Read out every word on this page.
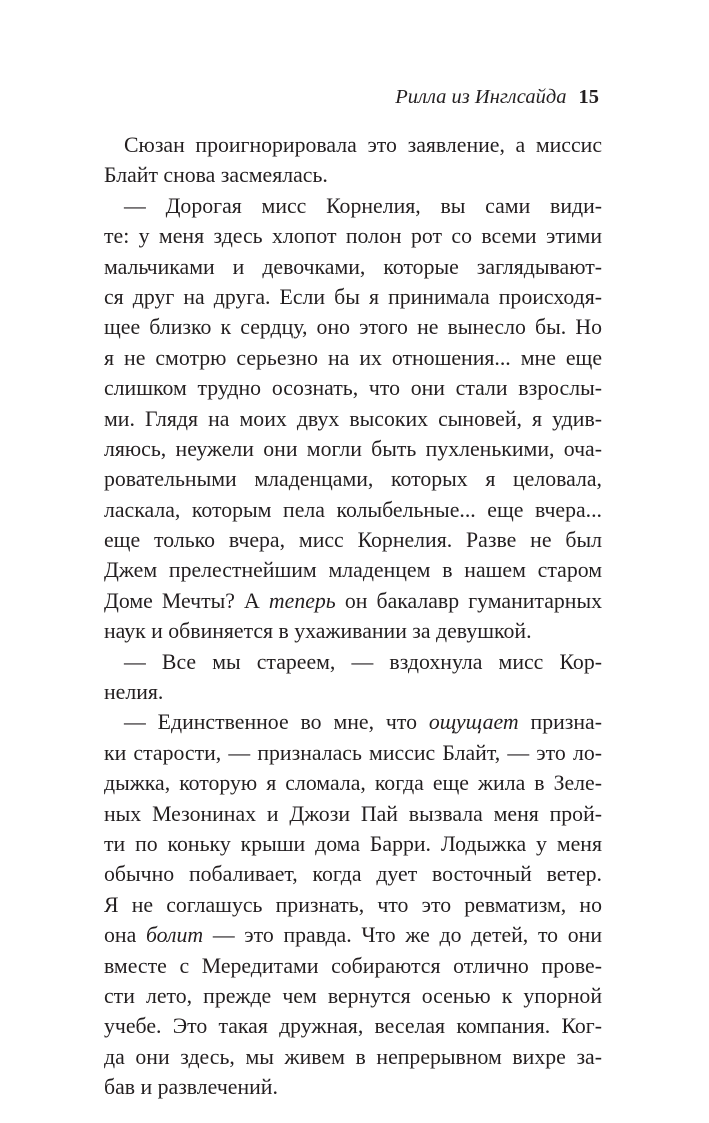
Рилла из Инглсайда 15
Сюзан проигнорировала это заявление, а миссис
Блайт снова засмеялась.
— Дорогая мисс Корнелия, вы сами види-
те: у меня здесь хлопот полон рот со всеми этими
мальчиками и девочками, которые заглядывают-
ся друг на друга. Если бы я принимала происходя-
щее близко к сердцу, оно этого не вынесло бы. Но
я не смотрю серьезно на их отношения... мне еще
слишком трудно осознать, что они стали взрослы-
ми. Глядя на моих двух высоких сыновей, я удив-
ляюсь, неужели они могли быть пухленькими, оча-
ровательными младенцами, которых я целовала,
ласкала, которым пела колыбельные... еще вчера...
еще только вчера, мисс Корнелия. Разве не был
Джем прелестнейшим младенцем в нашем старом
Доме Мечты? А теперь он бакалавр гуманитарных
наук и обвиняется в ухаживании за девушкой.
— Все мы стареем, — вздохнула мисс Кор-
нелия.
— Единственное во мне, что ощущает призна-
ки старости, — призналась миссис Блайт, — это ло-
дыжка, которую я сломала, когда еще жила в Зеле-
ных Мезонинах и Джози Пай вызвала меня прой-
ти по коньку крыши дома Барри. Лодыжка у меня
обычно побаливает, когда дует восточный ветер.
Я не соглашусь признать, что это ревматизм, но
она болит — это правда. Что же до детей, то они
вместе с Мередитами собираются отлично прове-
сти лето, прежде чем вернутся осенью к упорной
учебе. Это такая дружная, веселая компания. Ког-
да они здесь, мы живем в непрерывном вихре за-
бав и развлечений.
